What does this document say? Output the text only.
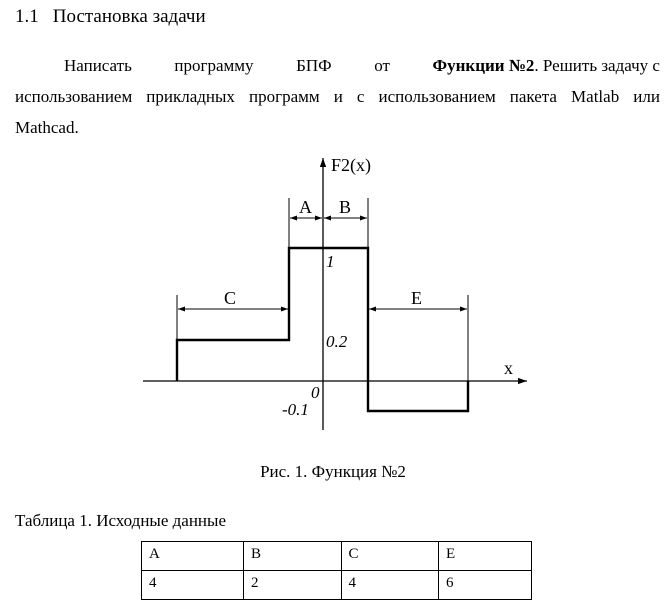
1.1 Постановка задачи
Написать	программу	БПФ	от	Функции №2. Решить задачу с
использованием прикладных программ и с использованием пакета Matlab или
Mathcad.
F2(x)
x
A B
C	E
1
0.2
0
-0.1
Рис. 1. Функция №2
Таблица 1. Исходные данные
A	B	C	E
4	2	4	6
